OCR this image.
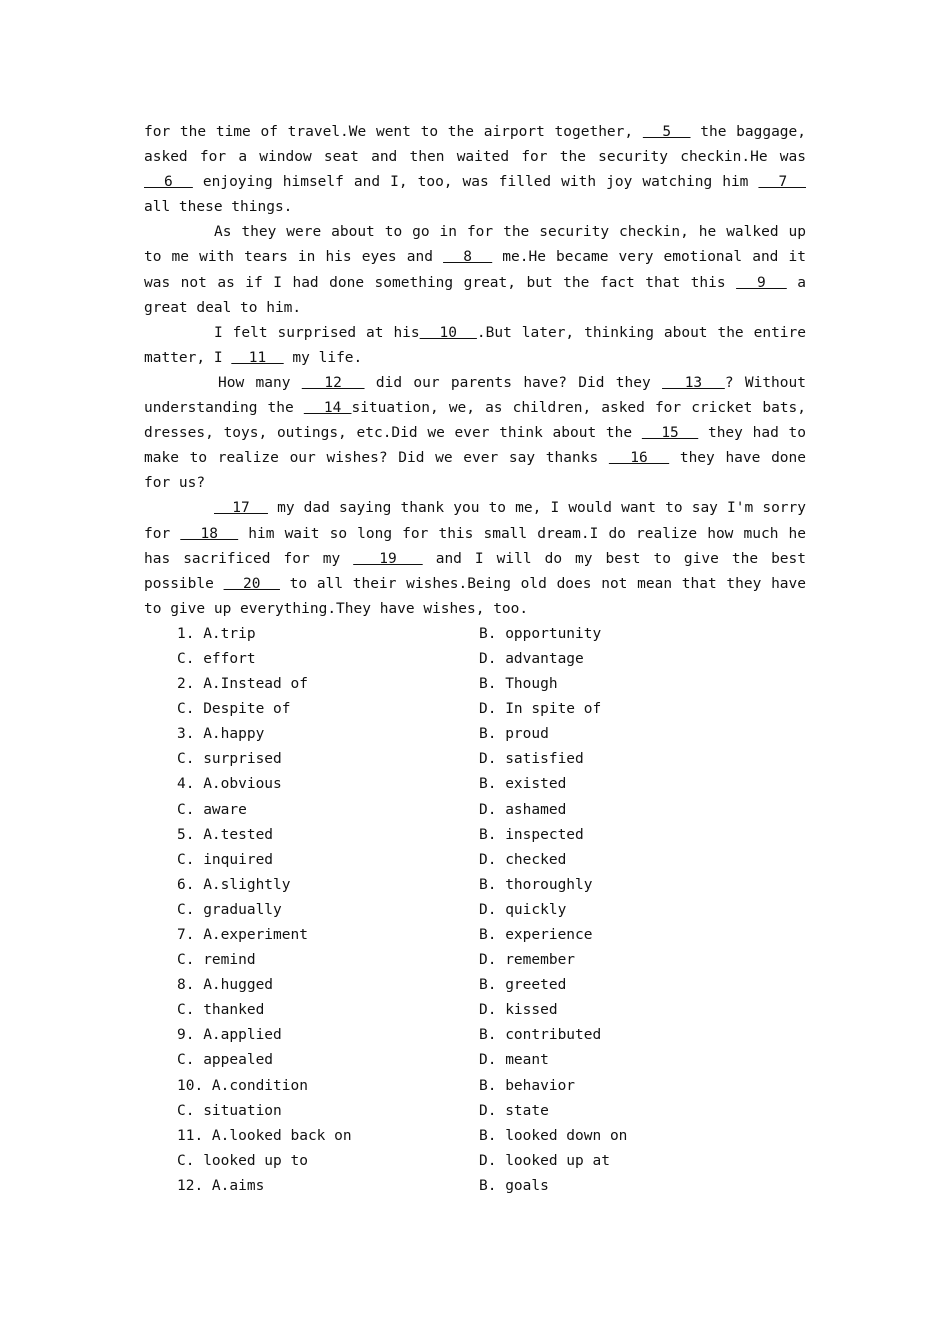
for the time of travel.We went to the airport together,   5   the baggage, asked for a window seat and then waited for the security checkin.He was   6   enjoying himself and I, too, was filled with joy watching him   7   all these things.

As they were about to go in for the security checkin, he walked up to me with tears in his eyes and   8   me.He became very emotional and it was not as if I had done something great, but the fact that this   9   a great deal to him.

I felt surprised at his  10  .But later, thinking about the entire matter, I   11   my life.

How many   12   did our parents have? Did they   13  ? Without understanding the   14 situation, we, as children, asked for cricket bats, dresses, toys, outings, etc.Did we ever think about the   15   they had to make to realize our wishes? Did we ever say thanks   16   they have done for us?

17   my dad saying thank you to me, I would want to say I'm sorry for   18   him wait so long for this small dream.I do realize how much he has sacrificed for my   19   and I will do my best to give the best possible   20   to all their wishes.Being old does not mean that they have to give up everything.They have wishes, too.

1. A.trip	B. opportunity
C. effort	D. advantage
2. A.Instead of	B. Though
C. Despite of	D. In spite of
3. A.happy	B. proud
C. surprised	D. satisfied
4. A.obvious	B. existed
C. aware	D. ashamed
5. A.tested	B. inspected
C. inquired	D. checked
6. A.slightly	B. thoroughly
C. gradually	D. quickly
7. A.experiment	B. experience
C. remind	D. remember
8. A.hugged	B. greeted
C. thanked	D. kissed
9. A.applied	B. contributed
C. appealed	D. meant
10. A.condition	B. behavior
C. situation	D. state
11. A.looked back on	B. looked down on
C. looked up to	D. looked up at
12. A.aims	B. goals
